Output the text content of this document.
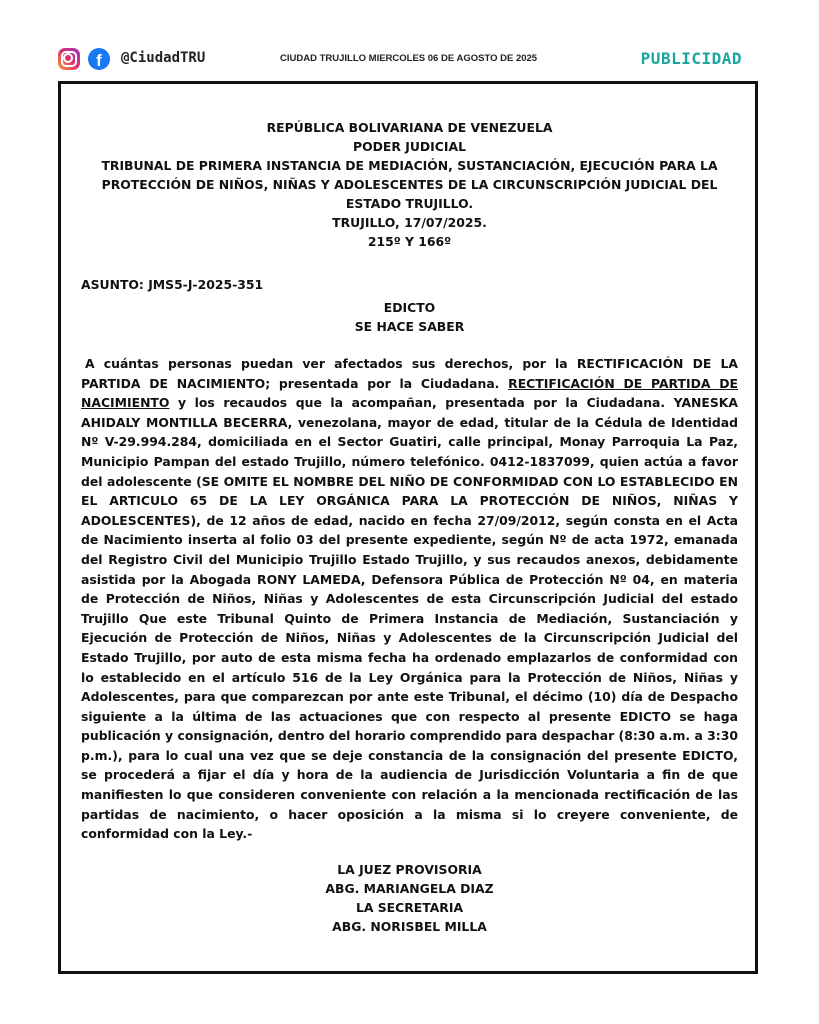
f	@CiudadTRU	CIUDAD TRUJILLO MIERCOLES 06 DE AGOSTO DE 2025	PUBLICIDAD
REPÚBLICA BOLIVARIANA DE VENEZUELA
PODER JUDICIAL
TRIBUNAL DE PRIMERA INSTANCIA DE MEDIACIÓN, SUSTANCIACIÓN, EJECUCIÓN PARA LA
PROTECCIÓN DE NIÑOS, NIÑAS Y ADOLESCENTES DE LA CIRCUNSCRIPCIÓN JUDICIAL DEL
ESTADO TRUJILLO.
TRUJILLO, 17/07/2025.
215º Y 166º
ASUNTO: JMS5-J-2025-351
EDICTO
SE HACE SABER
A cuántas personas puedan ver afectados sus derechos, por la RECTIFICACIÓN DE LA PARTIDA DE NACIMIENTO; presentada por la Ciudadana. RECTIFICACIÓN DE PARTIDA DE NACIMIENTO y los recaudos que la acompañan, presentada por la Ciudadana. YANESKA AHIDALY MONTILLA BECERRA, venezolana, mayor de edad, titular de la Cédula de Identidad Nº V-29.994.284, domiciliada en el Sector Guatiri, calle principal, Monay Parroquia La Paz, Municipio Pampan del estado Trujillo, número telefónico. 0412-1837099, quien actúa a favor del adolescente (SE OMITE EL NOMBRE DEL NIÑO DE CONFORMIDAD CON LO ESTABLECIDO EN EL ARTICULO 65 DE LA LEY ORGÁNICA PARA LA PROTECCIÓN DE NIÑOS, NIÑAS Y ADOLESCENTES), de 12 años de edad, nacido en fecha 27/09/2012, según consta en el Acta de Nacimiento inserta al folio 03 del presente expediente, según Nº de acta 1972, emanada del Registro Civil del Municipio Trujillo Estado Trujillo, y sus recaudos anexos, debidamente asistida por la Abogada RONY LAMEDA, Defensora Pública de Protección Nº 04, en materia de Protección de Niños, Niñas y Adolescentes de esta Circunscripción Judicial del estado Trujillo Que este Tribunal Quinto de Primera Instancia de Mediación, Sustanciación y Ejecución de Protección de Niños, Niñas y Adolescentes de la Circunscripción Judicial del Estado Trujillo, por auto de esta misma fecha ha ordenado emplazarlos de conformidad con lo establecido en el artículo 516 de la Ley Orgánica para la Protección de Niños, Niñas y Adolescentes, para que comparezcan por ante este Tribunal, el décimo (10) día de Despacho siguiente a la última de las actuaciones que con respecto al presente EDICTO se haga publicación y consignación, dentro del horario comprendido para despachar (8:30 a.m. a 3:30 p.m.), para lo cual una vez que se deje constancia de la consignación del presente EDICTO, se procederá a fijar el día y hora de la audiencia de Jurisdicción Voluntaria a fin de que manifiesten lo que consideren conveniente con relación a la mencionada rectificación de las partidas de nacimiento, o hacer oposición a la misma si lo creyere conveniente, de conformidad con la Ley.-
LA JUEZ PROVISORIA
ABG. MARIANGELA DIAZ
LA SECRETARIA
ABG. NORISBEL MILLA
